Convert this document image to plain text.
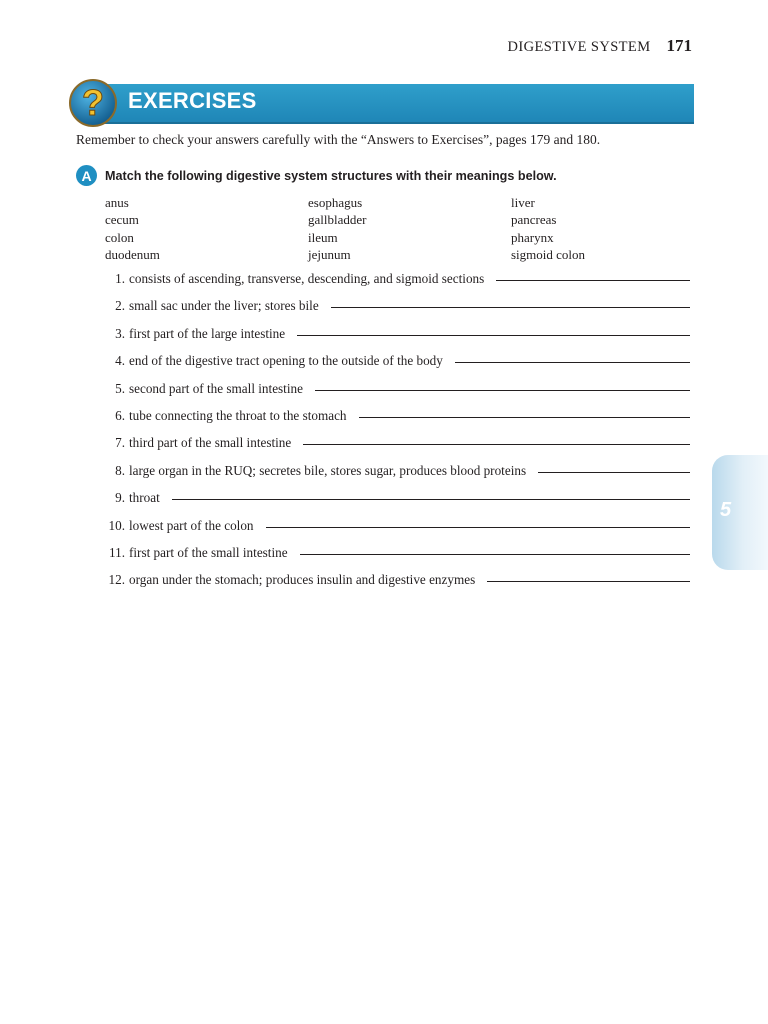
DIGESTIVE SYSTEM 171
? EXERCISES
Remember to check your answers carefully with the “Answers to Exercises”, pages 179 and 180.
A	Match the following digestive system structures with their meanings below.
anus	esophagus	liver
cecum	gallbladder	pancreas
colon	ileum	pharynx
duodenum	jejunum	sigmoid colon
1. consists of ascending, transverse, descending, and sigmoid sections
2. small sac under the liver; stores bile
3. first part of the large intestine
4. end of the digestive tract opening to the outside of the body
5. second part of the small intestine
6. tube connecting the throat to the stomach
7. third part of the small intestine
8. large organ in the RUQ; secretes bile, stores sugar, produces blood proteins
9. throat
10. lowest part of the colon
11. first part of the small intestine
12. organ under the stomach; produces insulin and digestive enzymes
5
